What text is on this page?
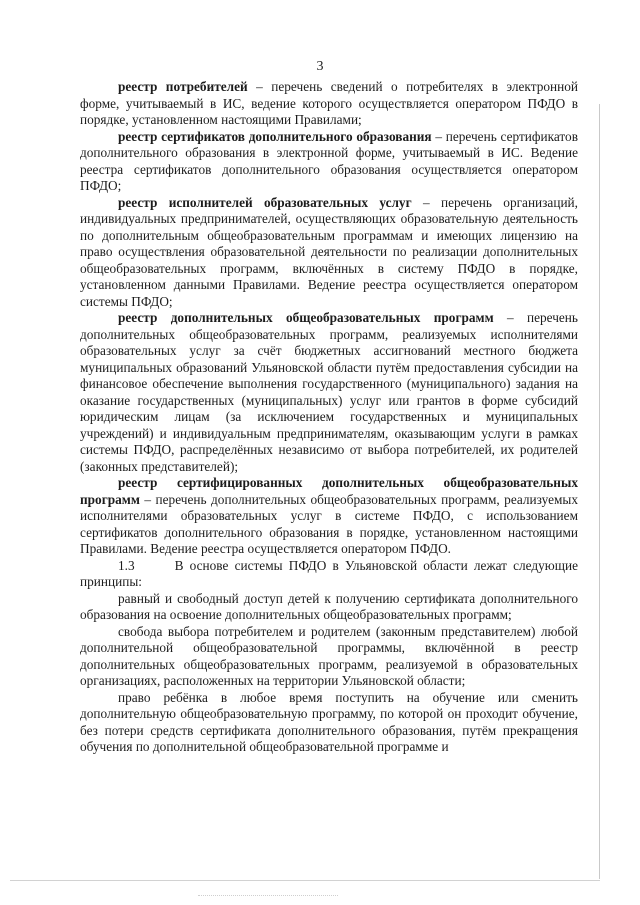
3

реестр потребителей – перечень сведений о потребителях в электронной форме, учитываемый в ИС, ведение которого осуществляется оператором ПФДО в порядке, установленном настоящими Правилами;

реестр сертификатов дополнительного образования – перечень сертификатов дополнительного образования в электронной форме, учитываемый в ИС. Ведение реестра сертификатов дополнительного образования осуществляется оператором ПФДО;

реестр исполнителей образовательных услуг – перечень организаций, индивидуальных предпринимателей, осуществляющих образовательную деятельность по дополнительным общеобразовательным программам и имеющих лицензию на право осуществления образовательной деятельности по реализации дополнительных общеобразовательных программ, включённых в систему ПФДО в порядке, установленном данными Правилами. Ведение реестра осуществляется оператором системы ПФДО;

реестр дополнительных общеобразовательных программ – перечень дополнительных общеобразовательных программ, реализуемых исполнителями образовательных услуг за счёт бюджетных ассигнований местного бюджета муниципальных образований Ульяновской области путём предоставления субсидии на финансовое обеспечение выполнения государственного (муниципального) задания на оказание государственных (муниципальных) услуг или грантов в форме субсидий юридическим лицам (за исключением государственных и муниципальных учреждений) и индивидуальным предпринимателям, оказывающим услуги в рамках системы ПФДО, распределённых независимо от выбора потребителей, их родителей (законных представителей);

реестр сертифицированных дополнительных общеобразовательных программ – перечень дополнительных общеобразовательных программ, реализуемых исполнителями образовательных услуг в системе ПФДО, с использованием сертификатов дополнительного образования в порядке, установленном настоящими Правилами. Ведение реестра осуществляется оператором ПФДО.

1.3	В основе системы ПФДО в Ульяновской области лежат следующие принципы:

равный и свободный доступ детей к получению сертификата дополнительного образования на освоение дополнительных общеобразовательных программ;

свобода выбора потребителем и родителем (законным представителем) любой дополнительной общеобразовательной программы, включённой в реестр дополнительных общеобразовательных программ, реализуемой в образовательных организациях, расположенных на территории Ульяновской области;

право ребёнка в любое время поступить на обучение или сменить дополнительную общеобразовательную программу, по которой он проходит обучение, без потери средств сертификата дополнительного образования, путём прекращения обучения по дополнительной общеобразовательной программе и
